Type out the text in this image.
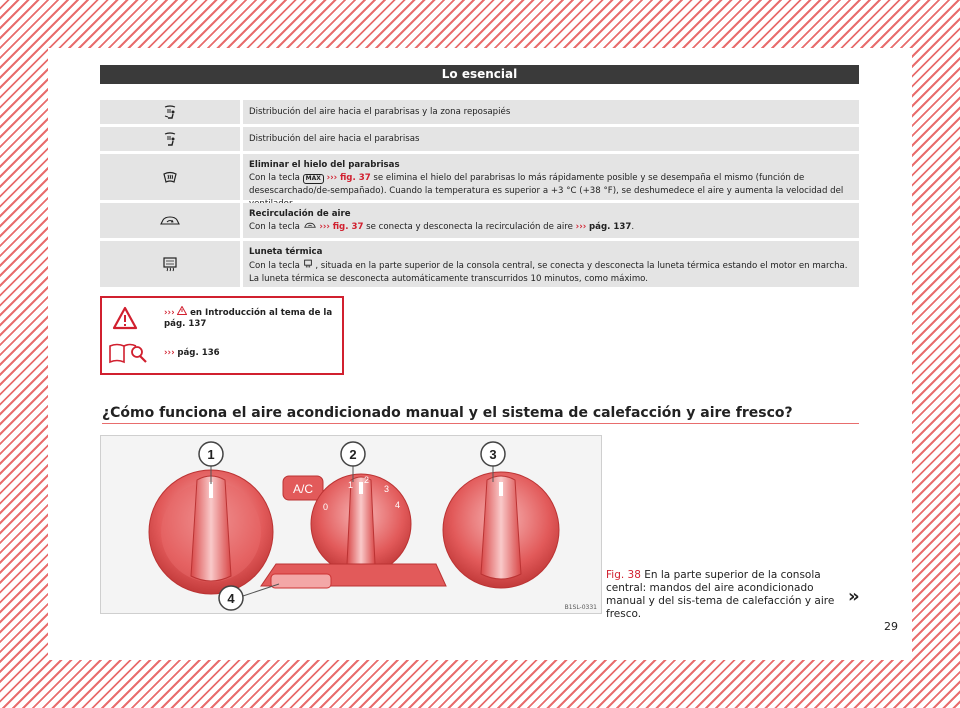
Lo esencial
Distribución del aire hacia el parabrisas y la zona reposapiés
Distribución del aire hacia el parabrisas
Eliminar el hielo del parabrisas
Con la tecla MAX ››› fig. 37 se elimina el hielo del parabrisas lo más rápidamente posible y se desempaña el mismo (función de desescarchado/de-sempañado). Cuando la temperatura es superior a +3 °C (+38 °F), se deshumedece el aire y aumenta la velocidad del
Recirculación de aire
Con la tecla ››› fig. 37 se conecta y desconecta la recirculación de aire ››› pág. 137.
Luneta térmica
Con la tecla , situada en la parte superior de la consola central, se conecta y desconecta la luneta térmica estando el motor en marcha. La luneta térmica se desconecta automáticamente transcurridos 10 minutos, como máximo.
››› en Introducción al tema de la pág. 137
››› pág. 136
¿Cómo funciona el aire acondicionado manual y el sistema de calefacción y aire fresco?
A/C
0
1 2
3
4
1	2	3
4
B1SL-0331
Fig. 38 En la parte superior de la consola central: mandos del aire acondicionado manual y del sis-tema de calefacción y aire fresco.
»
29
